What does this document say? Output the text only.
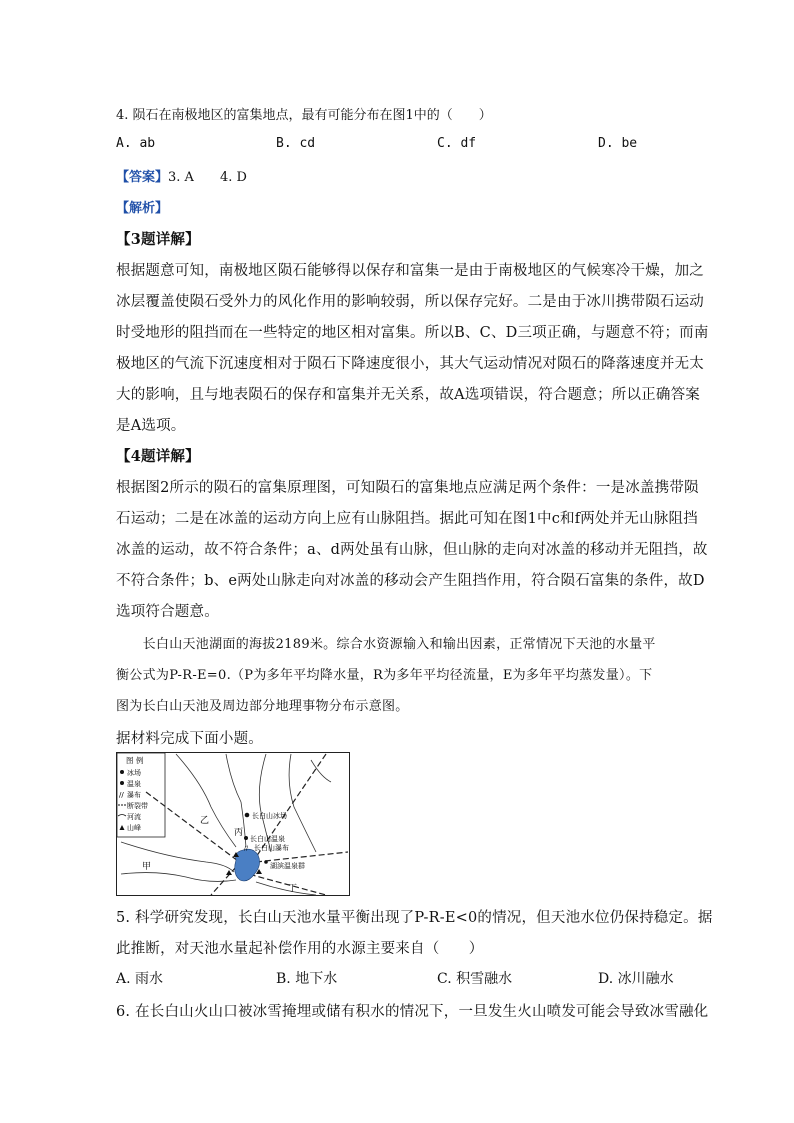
4. 陨石在南极地区的富集地点，最有可能分布在图1中的（　　）
A. ab	B. cd	C. df	D. be
【答案】3. A　　4. D
【解析】
【3题详解】
根据题意可知，南极地区陨石能够得以保存和富集一是由于南极地区的气候寒冷干燥，加之
冰层覆盖使陨石受外力的风化作用的影响较弱，所以保存完好。二是由于冰川携带陨石运动
时受地形的阻挡而在一些特定的地区相对富集。所以B、C、D三项正确，与题意不符；而南
极地区的气流下沉速度相对于陨石下降速度很小，其大气运动情况对陨石的降落速度并无太
大的影响，且与地表陨石的保存和富集并无关系，故A选项错误，符合题意；所以正确答案
是A选项。
【4题详解】
根据图2所示的陨石的富集原理图，可知陨石的富集地点应满足两个条件：一是冰盖携带陨
石运动；二是在冰盖的运动方向上应有山脉阻挡。据此可知在图1中c和f两处并无山脉阻挡
冰盖的运动，故不符合条件；a、d两处虽有山脉，但山脉的走向对冰盖的移动并无阻挡，故
不符合条件；b、e两处山脉走向对冰盖的移动会产生阻挡作用，符合陨石富集的条件，故D
选项符合题意。
　　长白山天池湖面的海拔2189米。综合水资源输入和输出因素，正常情况下天池的水量平
衡公式为P-R-E=0.（P为多年平均降水量，R为多年平均径流量，E为多年平均蒸发量）。下
图为长白山天池及周边部分地理事物分布示意图。
据材料完成下面小题。
图 例
冰场
温泉
// 瀑布
断裂带
河流
山峰
长白山冰场
长白山温泉
// 长白山瀑布
湖滨温泉群
乙
丙
甲
丁
5. 科学研究发现，长白山天池水量平衡出现了P-R-E<0的情况，但天池水位仍保持稳定。据
此推断，对天池水量起补偿作用的水源主要来自（　　）
A. 雨水	B. 地下水	C. 积雪融水	D. 冰川融水
6. 在长白山火山口被冰雪掩埋或储有积水的情况下，一旦发生火山喷发可能会导致冰雪融化
